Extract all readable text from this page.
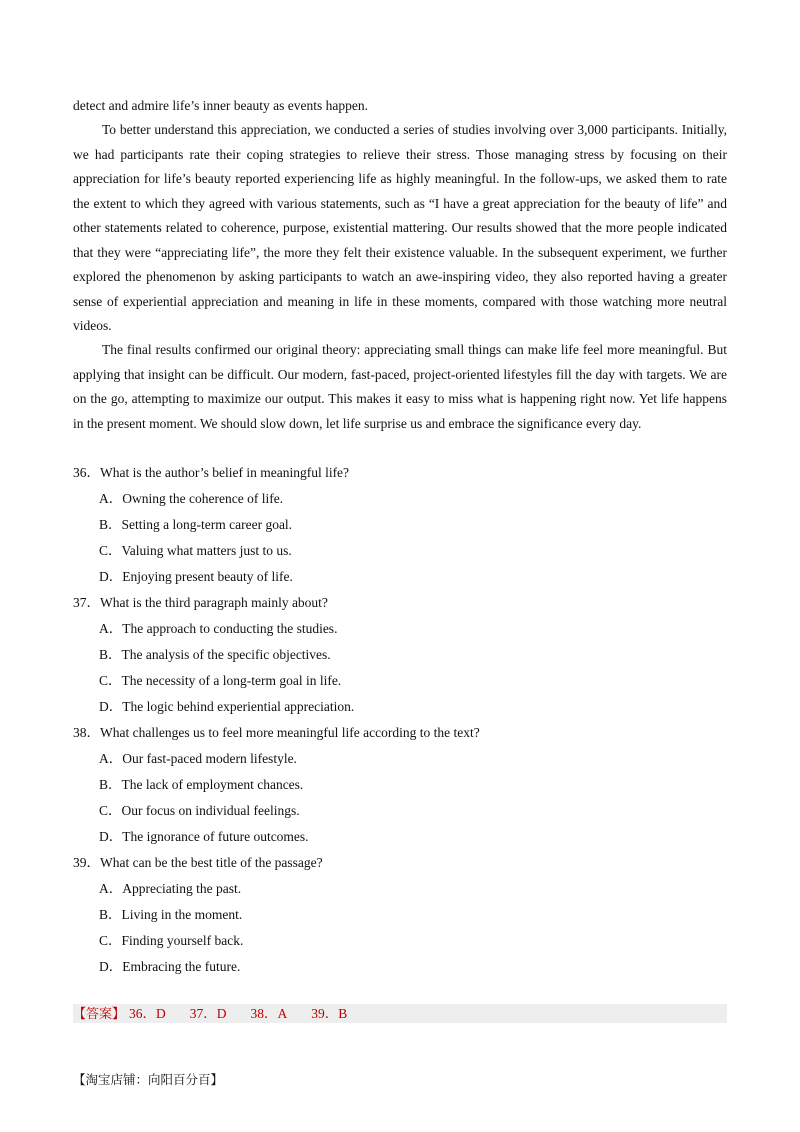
detect and admire life’s inner beauty as events happen.

To better understand this appreciation, we conducted a series of studies involving over 3,000 participants. Initially, we had participants rate their coping strategies to relieve their stress. Those managing stress by focusing on their appreciation for life’s beauty reported experiencing life as highly meaningful. In the follow-ups, we asked them to rate the extent to which they agreed with various statements, such as “I have a great appreciation for the beauty of life” and other statements related to coherence, purpose, existential mattering. Our results showed that the more people indicated that they were “appreciating life”, the more they felt their existence valuable. In the subsequent experiment, we further explored the phenomenon by asking participants to watch an awe-inspiring video, they also reported having a greater sense of experiential appreciation and meaning in life in these moments, compared with those watching more neutral videos.

The final results confirmed our original theory: appreciating small things can make life feel more meaningful. But applying that insight can be difficult. Our modern, fast-paced, project-oriented lifestyles fill the day with targets. We are on the go, attempting to maximize our output. This makes it easy to miss what is happening right now. Yet life happens in the present moment. We should slow down, let life surprise us and embrace the significance every day.

36．What is the author’s belief in meaningful life?

A．Owning the coherence of life.

B．Setting a long-term career goal.

C．Valuing what matters just to us.

D．Enjoying present beauty of life.

37．What is the third paragraph mainly about?

A．The approach to conducting the studies.

B．The analysis of the specific objectives.

C．The necessity of a long-term goal in life.

D．The logic behind experiential appreciation.

38．What challenges us to feel more meaningful life according to the text?

A．Our fast-paced modern lifestyle.

B．The lack of employment chances.

C．Our focus on individual feelings.

D．The ignorance of future outcomes.

39．What can be the best title of the passage?

A．Appreciating the past.

B．Living in the moment.

C．Finding yourself back.

D．Embracing the future.

【答案】 36．D 37．D 38．A 39．B
【淘宝店铺：向阳百分百】
